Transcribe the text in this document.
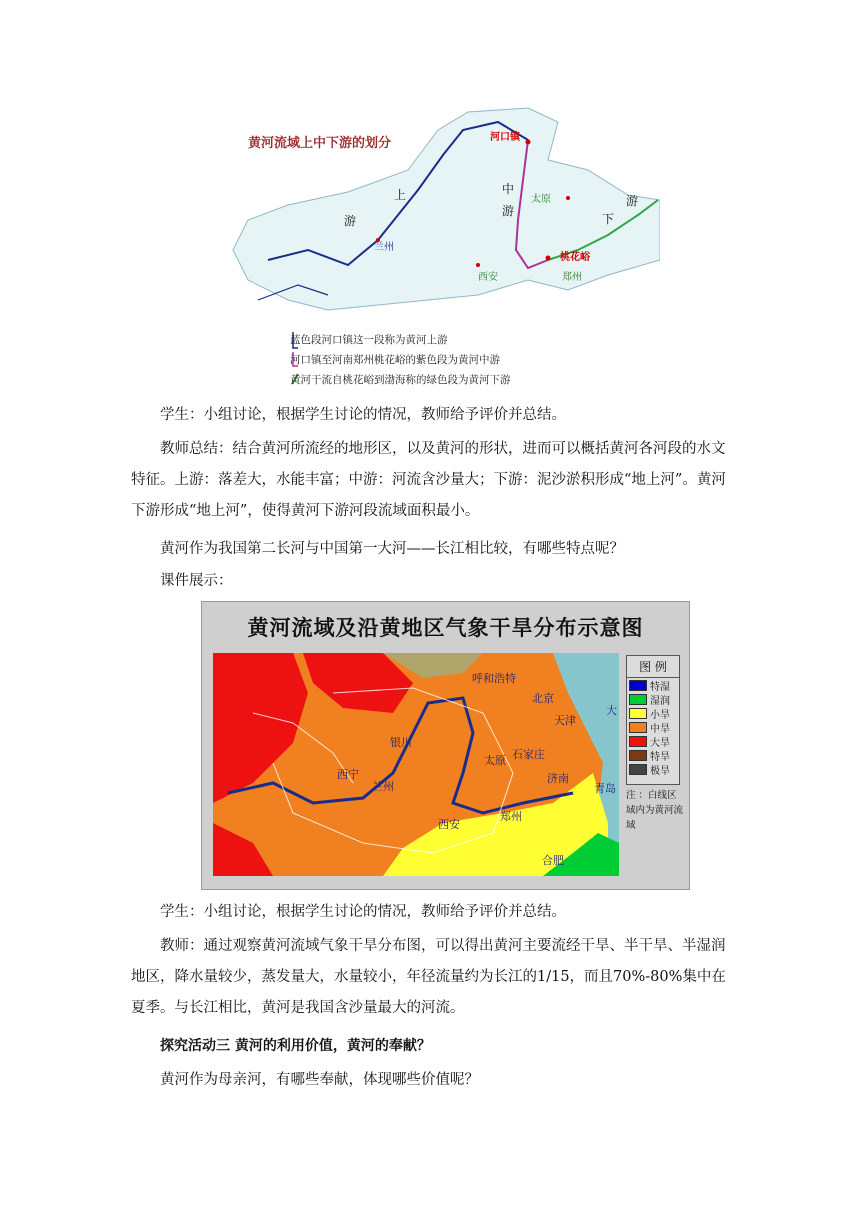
黄河流域上中下游的划分
兰州
西安
太原
河口镇
桃花峪
郑州
上
游
中
游
下
游
蓝色段河口镇这一段称为黄河上游
河口镇至河南郑州桃花峪的紫色段为黄河中游
黄河干流自桃花峪到渤海称的绿色段为黄河下游
学生：小组讨论，根据学生讨论的情况，教师给予评价并总结。
教师总结：结合黄河所流经的地形区，以及黄河的形状，进而可以概括黄河各河段的水文特征。上游：落差大，水能丰富；中游：河流含沙量大；下游：泥沙淤积形成“地上河”。黄河下游形成“地上河”，使得黄河下游河段流域面积最小。
黄河作为我国第二长河与中国第一大河——长江相比较，有哪些特点呢？
课件展示：
黄河流域及沿黄地区气象干旱分布示意图
呼和浩特
北京
天津
银川
太原 石家庄
西宁
兰州
济南
青岛
郑州
西安
合肥
大
图 例
特湿
湿润
小旱
中旱
大旱
特旱
极旱
注 ：白线区域内为黄河流域
学生：小组讨论，根据学生讨论的情况，教师给予评价并总结。
教师：通过观察黄河流域气象干旱分布图，可以得出黄河主要流经干旱、半干旱、半湿润地区，降水量较少，蒸发量大，水量较小，年径流量约为长江的1/15，而且70%-80%集中在夏季。与长江相比，黄河是我国含沙量最大的河流。
探究活动三 黄河的利用价值，黄河的奉献？
黄河作为母亲河，有哪些奉献，体现哪些价值呢？
